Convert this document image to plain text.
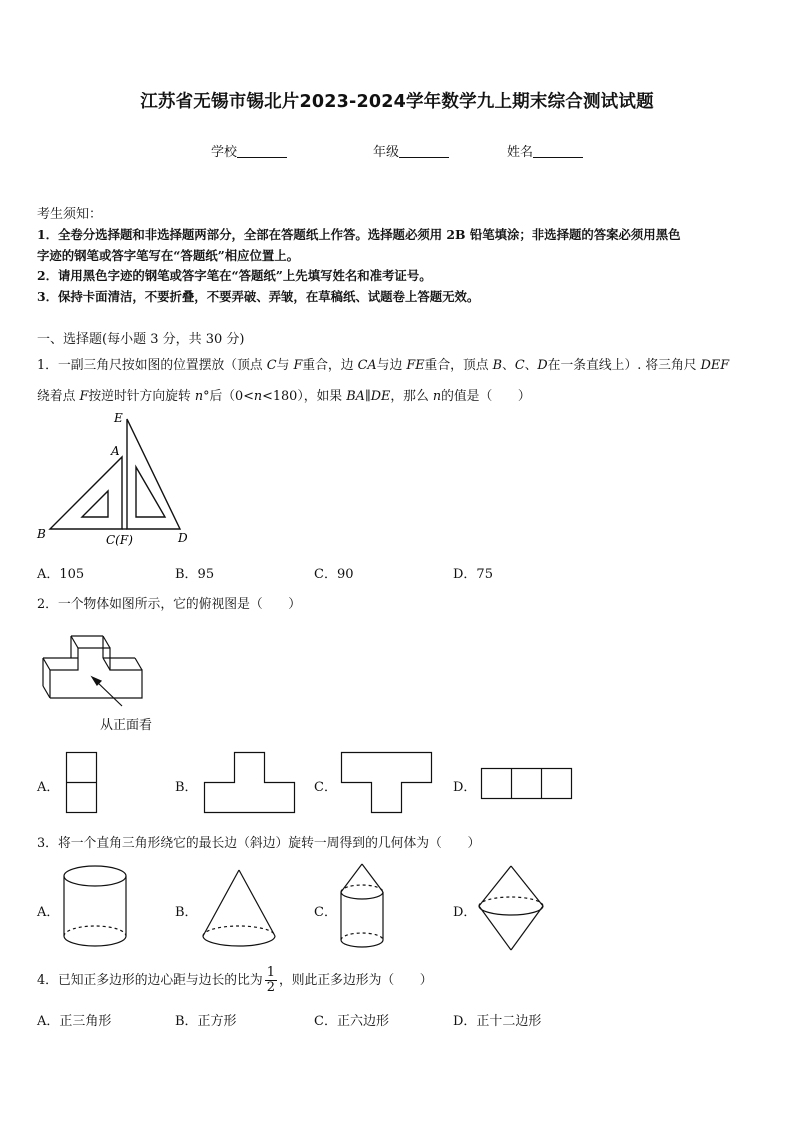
江苏省无锡市锡北片2023-2024学年数学九上期末综合测试试题
学校	年级	姓名
考生须知：
1．全卷分选择题和非选择题两部分，全部在答题纸上作答。选择题必须用 2B 铅笔填涂；非选择题的答案必须用黑色
字迹的钢笔或答字笔写在“答题纸”相应位置上。
2．请用黑色字迹的钢笔或答字笔在“答题纸”上先填写姓名和准考证号。
3．保持卡面清洁，不要折叠，不要弄破、弄皱，在草稿纸、试题卷上答题无效。
一、选择题(每小题 3 分，共 30 分)
1．一副三角尺按如图的位置摆放（顶点 C与 F重合，边 CA与边 FE重合，顶点 B、C、D在一条直线上）. 将三角尺 DEF
绕着点 F按逆时针方向旋转 n°后（0<n<180），如果 BA∥DE，那么 n的值是（　　）
E
A
B	C(F)	D
A．105	B．95	C．90	D．75
2．一个物体如图所示，它的俯视图是（　　）
从正面看
A．	B．	C．	D．
3．将一个直角三角形绕它的最长边（斜边）旋转一周得到的几何体为（　　）
A．	B．	C．	D．
4．已知正多边形的边心距与边长的比为 $\frac{1}{2}$ ，则此正多边形为（　　）
A．正三角形	B．正方形	C．正六边形	D．正十二边形
